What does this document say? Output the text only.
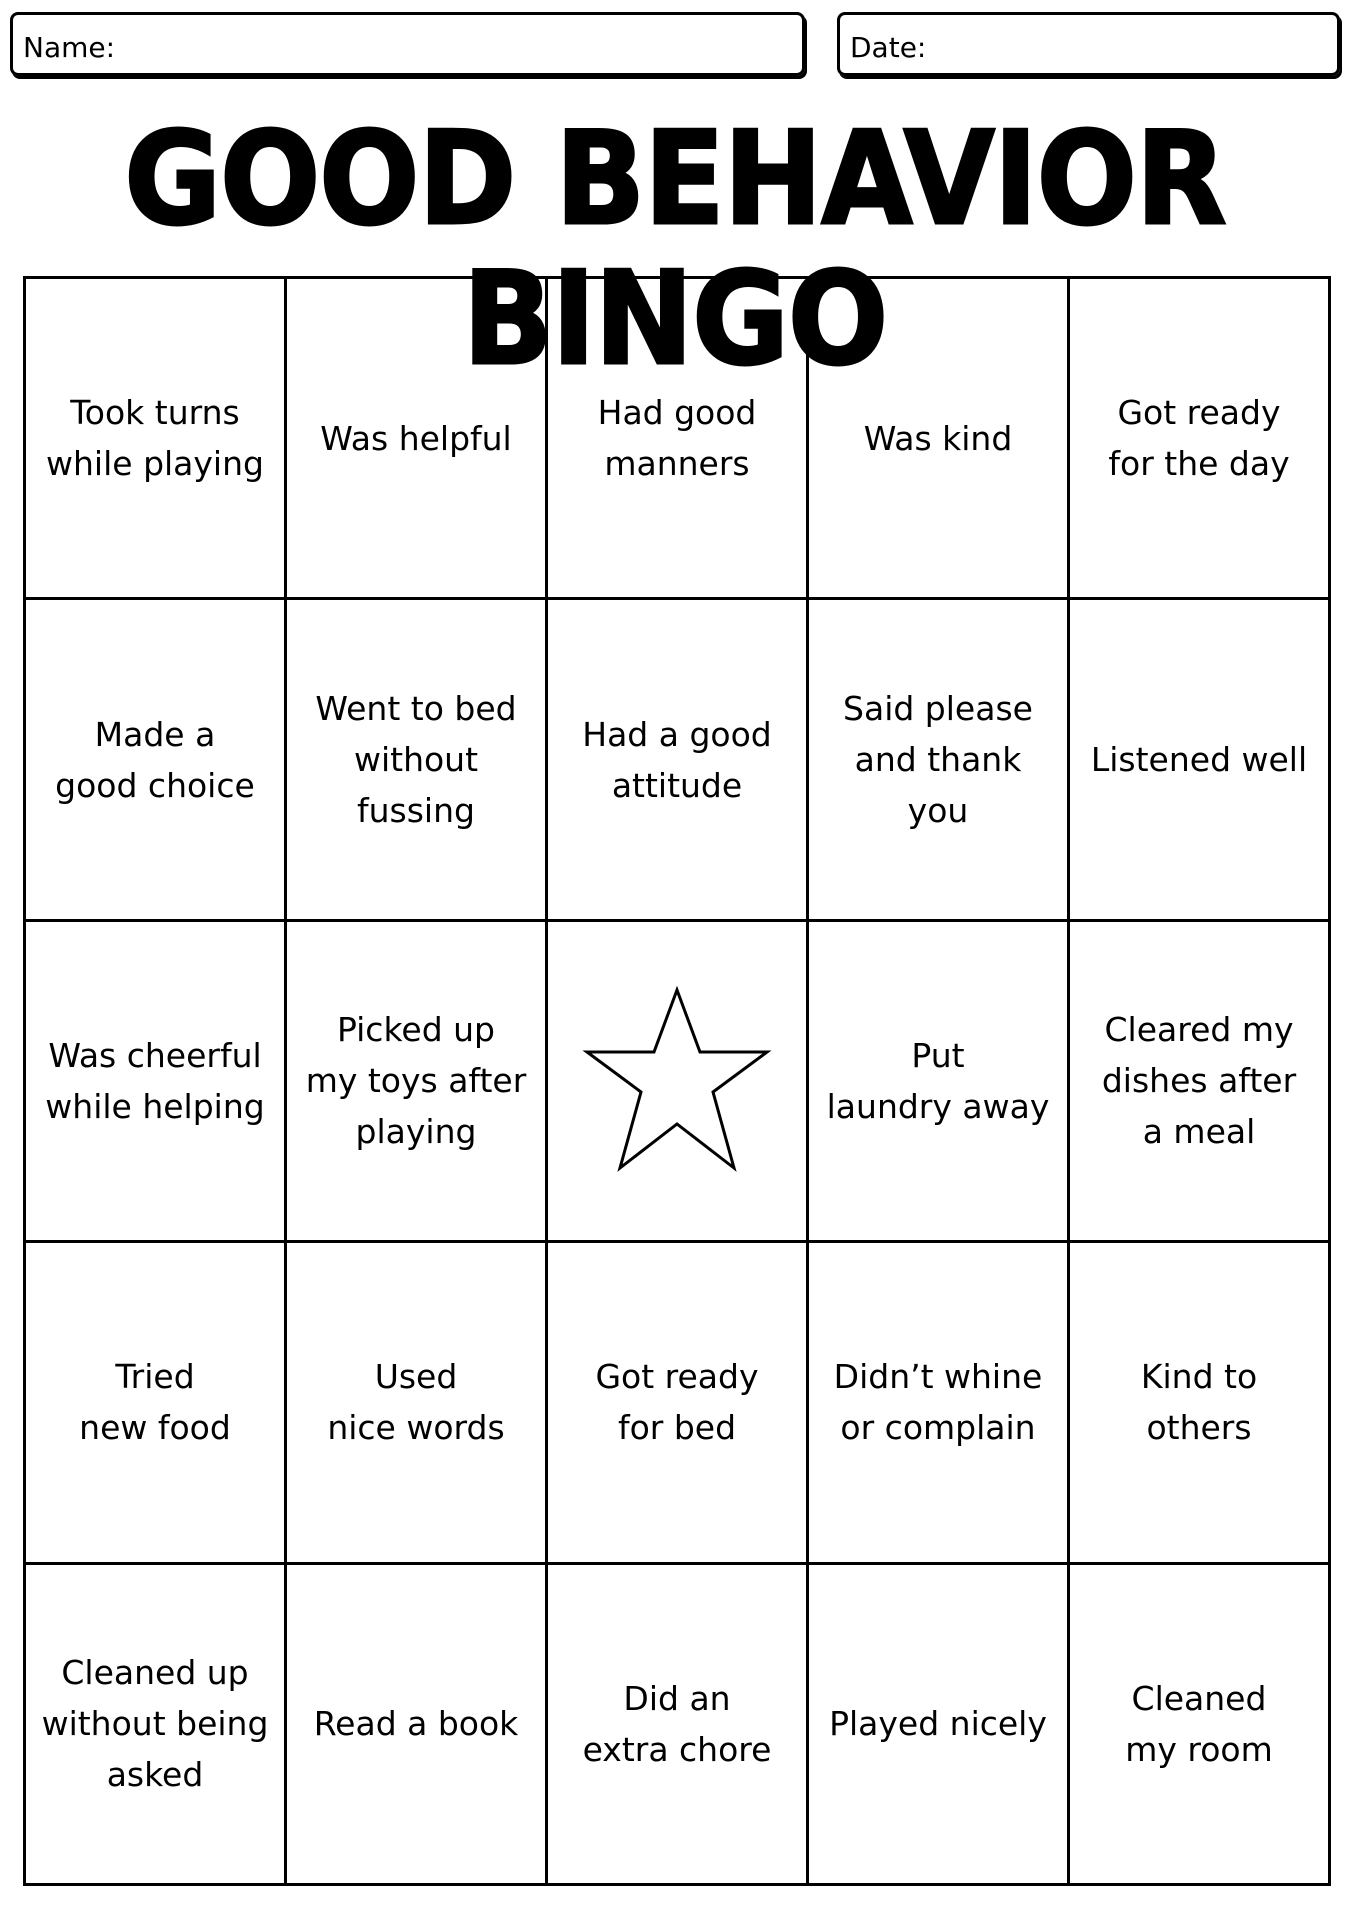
Name:	Date:
GOOD BEHAVIOR BINGO
Took turns
while playing
Was helpful
Had good
manners
Was kind
Got ready
for the day
Made a
good choice
Went to bed
without fussing
Had a good
attitude
Said please
and thank you
Listened well
Was cheerful
while helping
Picked up
my toys after
playing
Put
laundry away
Cleared my
dishes after
a meal
Tried
new food
Used
nice words
Got ready
for bed
Didn’t whine
or complain
Kind to others
Cleaned up
without being
asked
Read a book
Did an
extra chore
Played nicely
Cleaned
my room
